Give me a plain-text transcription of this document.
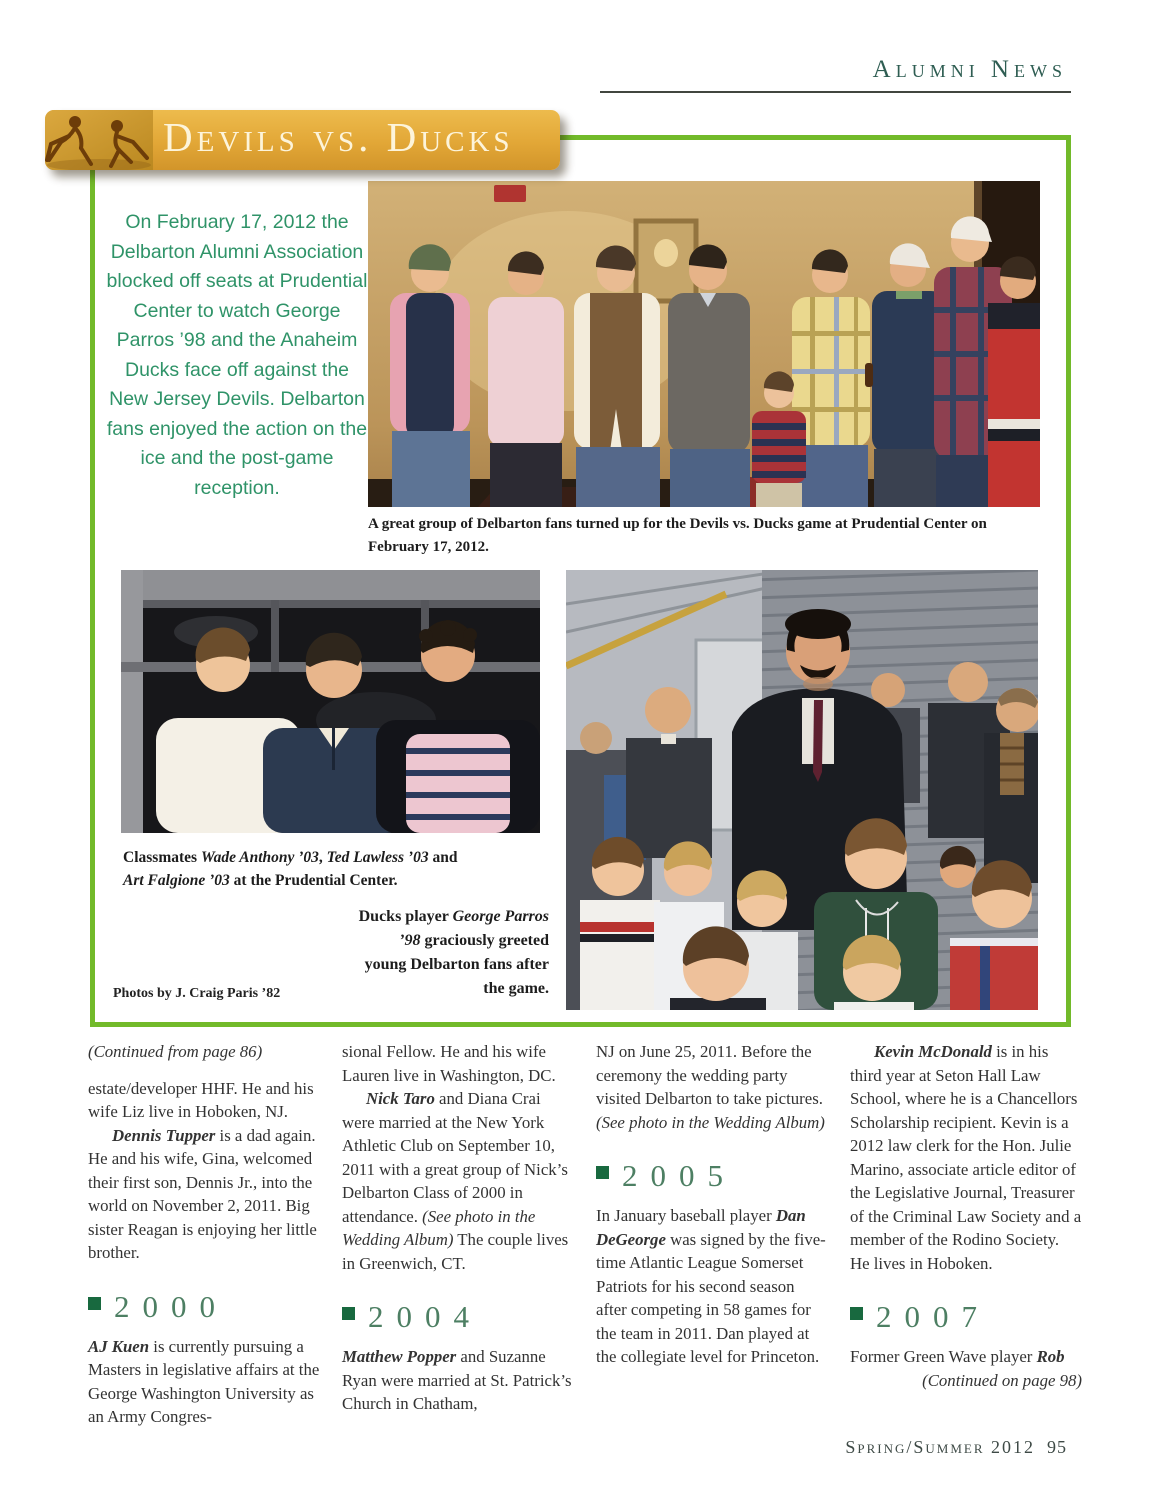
Alumni News
Devils vs. Ducks
On February 17, 2012 the Delbarton Alumni Association blocked off seats at Prudential Center to watch George Parros ’98 and the Anaheim Ducks face off against the New Jersey Devils. Delbarton fans enjoyed the action on the ice and the post-game reception.
A great group of Delbarton fans turned up for the Devils vs. Ducks game at Prudential Center on February 17, 2012.
Classmates Wade Anthony ’03, Ted Lawless ’03 and Art Falgione ’03 at the Prudential Center.
Ducks player George Parros ’98 graciously greeted young Delbarton fans after the game.
Photos by J. Craig Paris ’82

(Continued from page 86)

estate/developer HHF. He and his wife Liz live in Hoboken, NJ.

Dennis Tupper is a dad again. He and his wife, Gina, welcomed their first son, Dennis Jr., into the world on November 2, 2011. Big sister Reagan is enjoying her little brother.

2000

AJ Kuen is currently pursuing a Masters in legislative affairs at the George Washington University as an Army Congres-

sional Fellow. He and his wife Lauren live in Washington, DC.

Nick Taro and Diana Crai were married at the New York Athletic Club on September 10, 2011 with a great group of Nick’s Delbarton Class of 2000 in attendance. (See photo in the Wedding Album) The couple lives in Greenwich, CT.

2004

Matthew Popper and Suzanne Ryan were married at St. Patrick’s Church in Chatham,

NJ on June 25, 2011. Before the ceremony the wedding party visited Delbarton to take pictures. (See photo in the Wedding Album)

2005

In January baseball player Dan DeGeorge was signed by the five-time Atlantic League Somerset Patriots for his second season after competing in 58 games for the team in 2011. Dan played at the collegiate level for Princeton.

Kevin McDonald is in his third year at Seton Hall Law School, where he is a Chancellors Scholarship recipient. Kevin is a 2012 law clerk for the Hon. Julie Marino, associate article editor of the Legislative Journal, Treasurer of the Criminal Law Society and a member of the Rodino Society. He lives in Hoboken.

2007

Former Green Wave player Rob

(Continued on page 98)

Spring/Summer 2012 95
